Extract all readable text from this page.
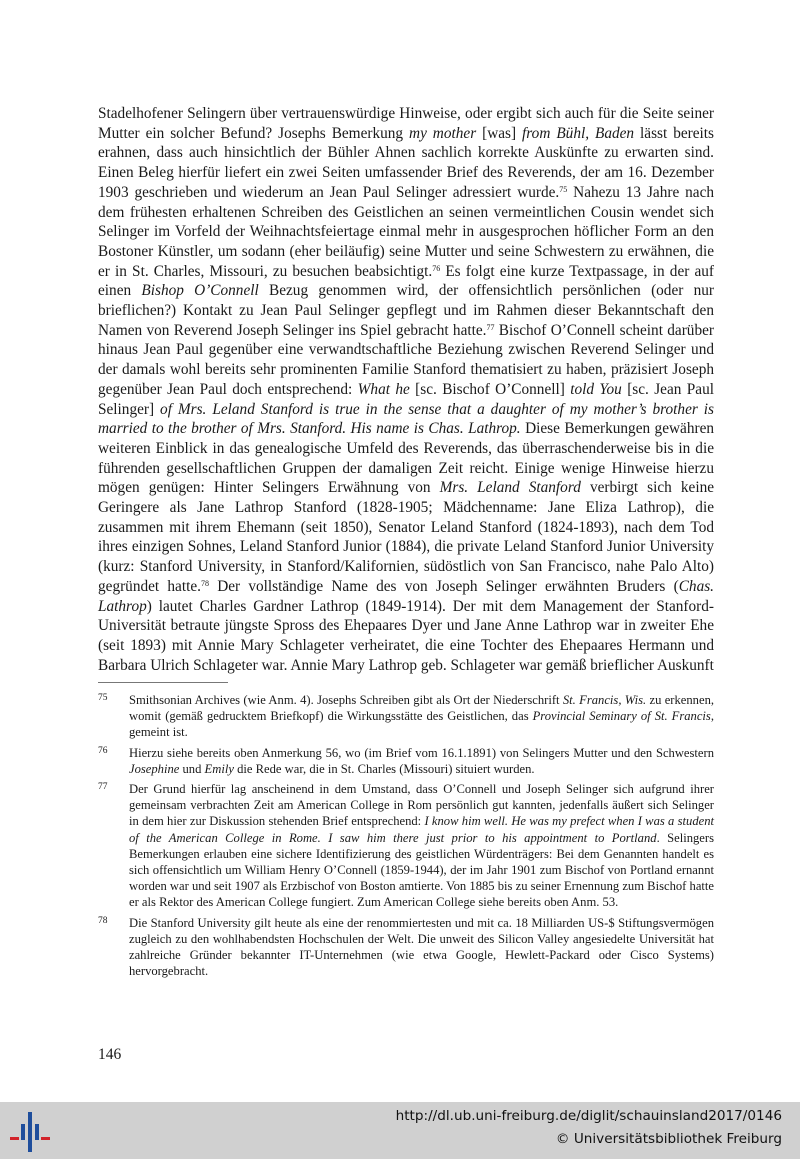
Stadelhofener Selingern über vertrauenswürdige Hinweise, oder ergibt sich auch für die Seite seiner Mutter ein solcher Befund? Josephs Bemerkung my mother [was] from Bühl, Baden lässt bereits erahnen, dass auch hinsichtlich der Bühler Ahnen sachlich korrekte Auskünfte zu erwarten sind. Einen Beleg hierfür liefert ein zwei Seiten umfassender Brief des Reverends, der am 16. Dezember 1903 geschrieben und wiederum an Jean Paul Selinger adressiert wurde.$^{75}$ Nahezu 13 Jahre nach dem frühesten erhaltenen Schreiben des Geistlichen an seinen vermeintlichen Cousin wendet sich Selinger im Vorfeld der Weihnachtsfeiertage einmal mehr in ausgesprochen höflicher Form an den Bostoner Künstler, um sodann (eher beiläufig) seine Mutter und seine Schwestern zu erwähnen, die er in St. Charles, Missouri, zu besuchen beabsichtigt.$^{76}$ Es folgt eine kurze Textpassage, in der auf einen Bishop O’Connell Bezug genommen wird, der offensichtlich persönlichen (oder nur brieflichen?) Kontakt zu Jean Paul Selinger gepflegt und im Rahmen dieser Bekanntschaft den Namen von Reverend Joseph Selinger ins Spiel gebracht hatte.$^{77}$ Bischof O’Connell scheint darüber hinaus Jean Paul gegenüber eine verwandtschaftliche Beziehung zwischen Reverend Selinger und der damals wohl bereits sehr prominenten Familie Stanford thematisiert zu haben, präzisiert Joseph gegenüber Jean Paul doch entsprechend: What he [sc. Bischof O’Connell] told You [sc. Jean Paul Selinger] of Mrs. Leland Stanford is true in the sense that a daughter of my mother’s brother is married to the brother of Mrs. Stanford. His name is Chas. Lathrop. Diese Bemerkungen gewähren weiteren Einblick in das genealogische Umfeld des Reverends, das überraschenderweise bis in die führenden gesellschaftlichen Gruppen der damaligen Zeit reicht. Einige wenige Hinweise hierzu mögen genügen: Hinter Selingers Erwähnung von Mrs. Leland Stanford verbirgt sich keine Geringere als Jane Lathrop Stanford (1828-1905; Mädchenname: Jane Eliza Lathrop), die zusammen mit ihrem Ehemann (seit 1850), Senator Leland Stanford (1824-1893), nach dem Tod ihres einzigen Sohnes, Leland Stanford Junior (1884), die private Leland Stanford Junior University (kurz: Stanford University, in Stanford/Kalifornien, südöstlich von San Francisco, nahe Palo Alto) gegründet hatte.$^{78}$ Der vollständige Name des von Joseph Selinger erwähnten Bruders (Chas. Lathrop) lautet Charles Gardner Lathrop (1849-1914). Der mit dem Management der Stanford-Universität betraute jüngste Spross des Ehepaares Dyer und Jane Anne Lathrop war in zweiter Ehe (seit 1893) mit Annie Mary Schlageter verheiratet, die eine Tochter des Ehepaares Hermann und Barbara Ulrich Schlageter war. Annie Mary Lathrop geb. Schlageter war gemäß brieflicher Auskunft

75 Smithsonian Archives (wie Anm. 4). Josephs Schreiben gibt als Ort der Niederschrift St. Francis, Wis. zu erkennen, womit (gemäß gedrucktem Briefkopf) die Wirkungsstätte des Geistlichen, das Provincial Seminary of St. Francis, gemeint ist.
76 Hierzu siehe bereits oben Anmerkung 56, wo (im Brief vom 16.1.1891) von Selingers Mutter und den Schwestern Josephine und Emily die Rede war, die in St. Charles (Missouri) situiert wurden.
77 Der Grund hierfür lag anscheinend in dem Umstand, dass O’Connell und Joseph Selinger sich aufgrund ihrer gemeinsam verbrachten Zeit am American College in Rom persönlich gut kannten, jedenfalls äußert sich Selinger in dem hier zur Diskussion stehenden Brief entsprechend: I know him well. He was my prefect when I was a student of the American College in Rome. I saw him there just prior to his appointment to Portland. Selingers Bemerkungen erlauben eine sichere Identifizierung des geistlichen Würdenträgers: Bei dem Genannten handelt es sich offensichtlich um William Henry O’Connell (1859-1944), der im Jahr 1901 zum Bischof von Portland ernannt worden war und seit 1907 als Erzbischof von Boston amtierte. Von 1885 bis zu seiner Ernennung zum Bischof hatte er als Rektor des American College fungiert. Zum American College siehe bereits oben Anm. 53.
78 Die Stanford University gilt heute als eine der renommiertesten und mit ca. 18 Milliarden US-$ Stiftungsvermögen zugleich zu den wohlhabendsten Hochschulen der Welt. Die unweit des Silicon Valley angesiedelte Universität hat zahlreiche Gründer bekannter IT-Unternehmen (wie etwa Google, Hewlett-Packard oder Cisco Systems) hervorgebracht.
146
http://dl.ub.uni-freiburg.de/diglit/schauinsland2017/0146
© Universitätsbibliothek Freiburg
